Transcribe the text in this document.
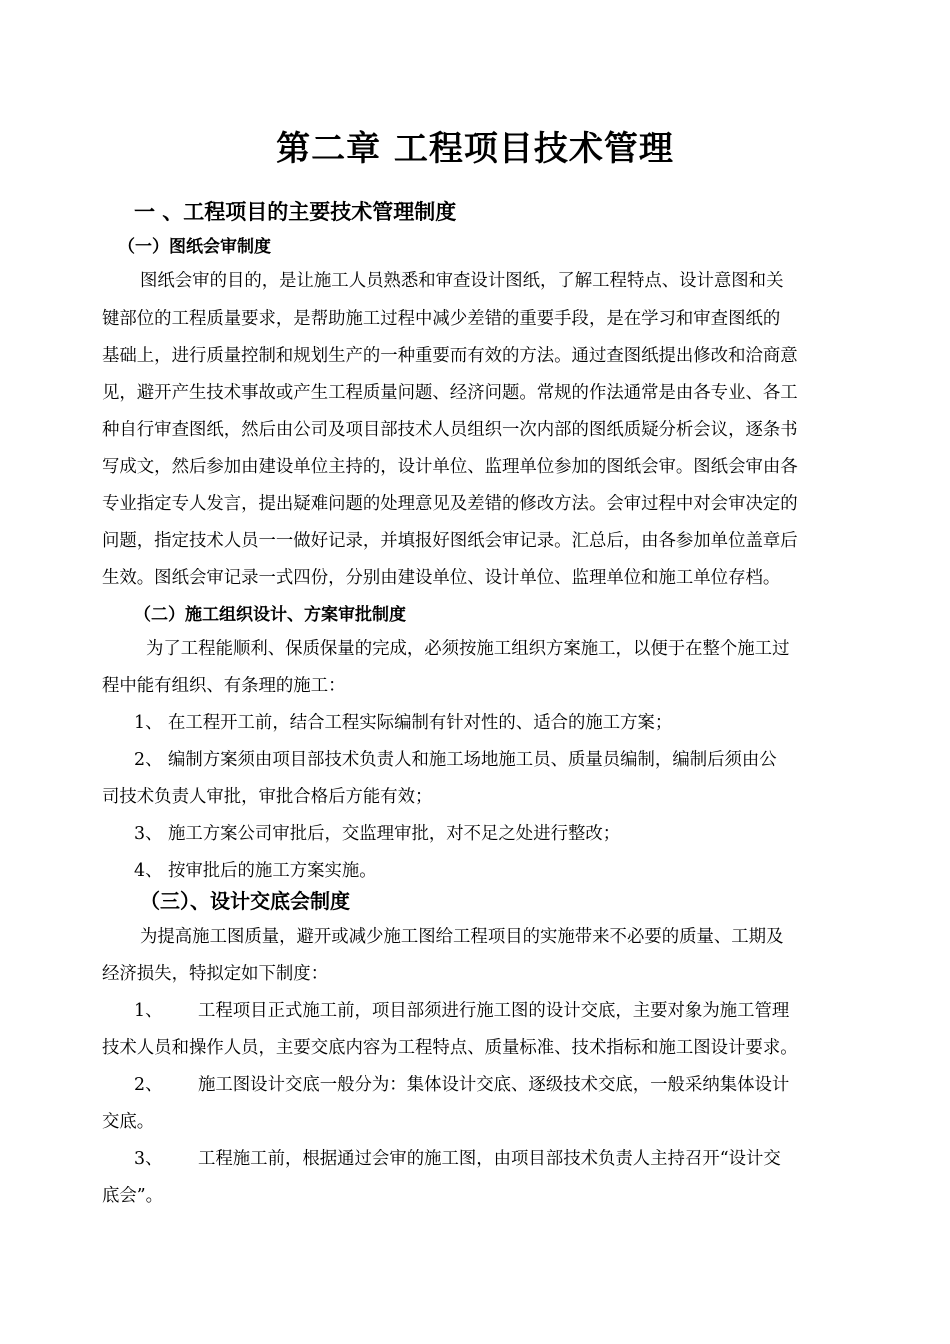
第二章 工程项目技术管理
一 、工程项目的主要技术管理制度
（一）图纸会审制度
图纸会审的目的，是让施工人员熟悉和审查设计图纸，了解工程特点、设计意图和关
键部位的工程质量要求，是帮助施工过程中减少差错的重要手段，是在学习和审查图纸的
基础上，进行质量控制和规划生产的一种重要而有效的方法。通过查图纸提出修改和洽商意
见，避开产生技术事故或产生工程质量问题、经济问题。常规的作法通常是由各专业、各工
种自行审查图纸，然后由公司及项目部技术人员组织一次内部的图纸质疑分析会议，逐条书
写成文，然后参加由建设单位主持的，设计单位、监理单位参加的图纸会审。图纸会审由各
专业指定专人发言，提出疑难问题的处理意见及差错的修改方法。会审过程中对会审决定的
问题，指定技术人员一一做好记录，并填报好图纸会审记录。汇总后，由各参加单位盖章后
生效。图纸会审记录一式四份，分别由建设单位、设计单位、监理单位和施工单位存档。
（二）施工组织设计、方案审批制度
为了工程能顺利、保质保量的完成，必须按施工组织方案施工，以便于在整个施工过
程中能有组织、有条理的施工：
1、 在工程开工前，结合工程实际编制有针对性的、适合的施工方案；
2、 编制方案须由项目部技术负责人和施工场地施工员、质量员编制，编制后须由公
司技术负责人审批，审批合格后方能有效；
3、 施工方案公司审批后，交监理审批，对不足之处进行整改；
4、 按审批后的施工方案实施。
（三）、设计交底会制度
为提高施工图质量，避开或减少施工图给工程项目的实施带来不必要的质量、工期及
经济损失，特拟定如下制度：
1、 工程项目正式施工前，项目部须进行施工图的设计交底，主要对象为施工管理
技术人员和操作人员，主要交底内容为工程特点、质量标准、技术指标和施工图设计要求。
2、 施工图设计交底一般分为：集体设计交底、逐级技术交底，一般采纳集体设计
交底。
3、 工程施工前，根据通过会审的施工图，由项目部技术负责人主持召开“设计交
底会”。
